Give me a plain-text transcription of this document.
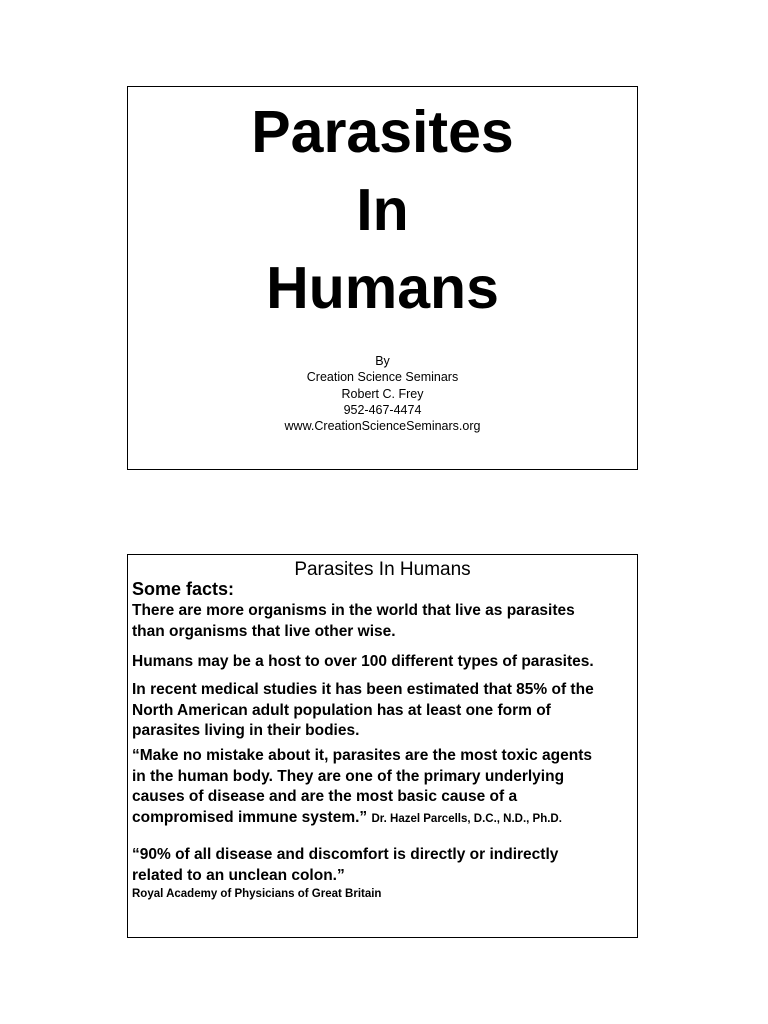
Parasites
In
Humans
By
Creation Science Seminars
Robert C. Frey
952-467-4474
www.CreationScienceSeminars.org
Parasites In Humans
Some facts:
There are more organisms in the world that live as parasites
than organisms that live other wise.
Humans may be a host to over 100 different types of parasites.
In recent medical studies it has been estimated that 85% of the
North American adult population has at least one form of
parasites living in their bodies.
“Make no mistake about it, parasites are the most toxic agents
in the human body. They are one of the primary underlying
causes of disease and are the most basic cause of a
compromised immune system.” Dr. Hazel Parcells, D.C., N.D., Ph.D.
“90% of all disease and discomfort is directly or indirectly
related to an unclean colon.”
Royal Academy of Physicians of Great Britain
